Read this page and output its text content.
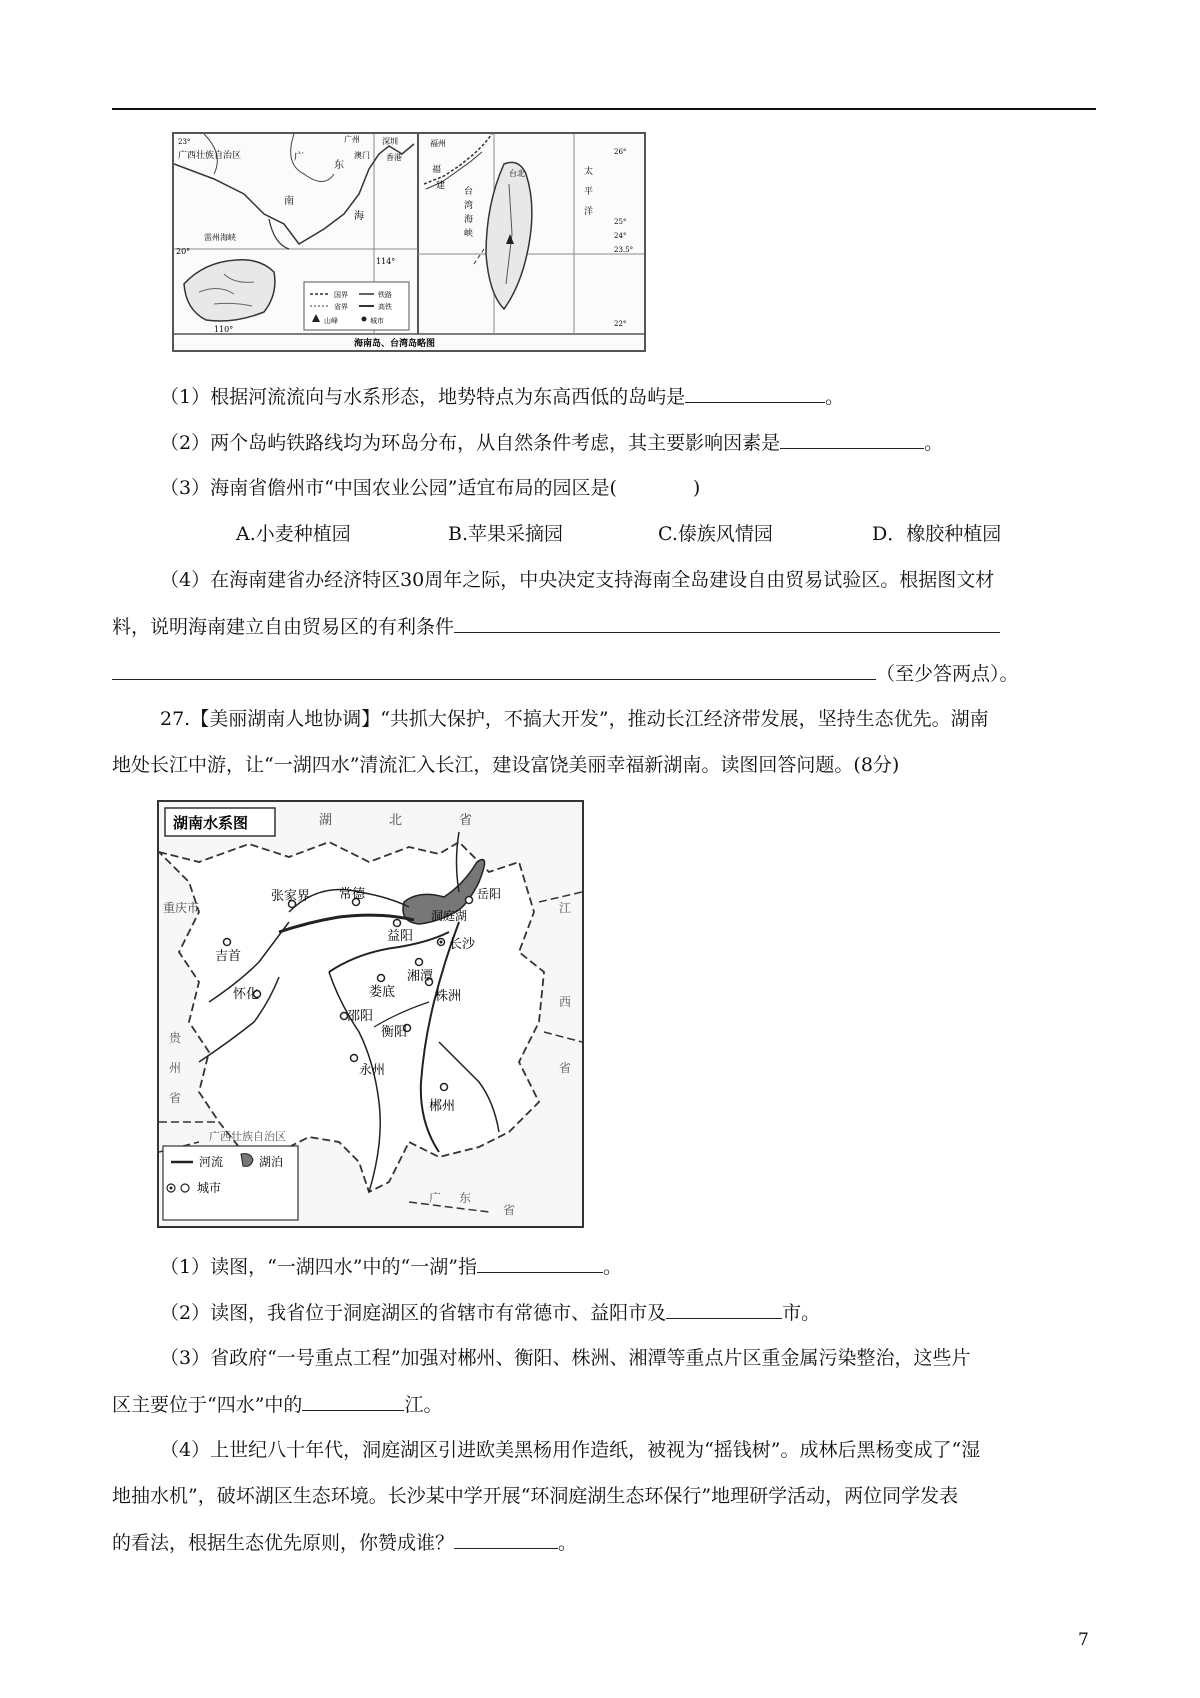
广西壮族自治区	广
东
广州	深圳
香港
澳门
雷州海峡
南
海
20°
23°
114°
110°
福州
福
建
台
湾
海
峡
台北	太
平
洋
26°
25°
24°
23.5°
22°
国界	铁路
省界	高铁
山峰	城市
海南岛、台湾岛略图
（1）根据河流流向与水系形态，地势特点为东高西低的岛屿是	。
（2）两个岛屿铁路线均为环岛分布，从自然条件考虑，其主要影响因素是	。
（3）海南省儋州市“中国农业公园”适宜布局的园区是(　　　　)
A.小麦种植园	B.苹果采摘园	C.傣族风情园	D．橡胶种植园
（4）在海南建省办经济特区30周年之际，中央决定支持海南全岛建设自由贸易试验区。根据图文材
料，说明海南建立自由贸易区的有利条件
（至少答两点）。
27.【美丽湖南人地协调】“共抓大保护，不搞大开发”，推动长江经济带发展，坚持生态优先。湖南
地处长江中游，让“一湖四水”清流汇入长江，建设富饶美丽幸福新湖南。读图回答问题。(8分)
湖南水系图	湖	北	省
重庆市
常德
张家界	岳阳
洞庭湖
益阳
长沙
吉首
湘潭
娄底	株洲
怀化
邵阳
衡阳
永州
郴州
广西壮族自治区
广 东
省
江
西
省
贵
州
省
河流	湖泊
城市
（1）读图，“一湖四水”中的“一湖”指	。
（2）读图，我省位于洞庭湖区的省辖市有常德市、益阳市及	市。
（3）省政府“一号重点工程”加强对郴州、衡阳、株洲、湘潭等重点片区重金属污染整治，这些片
区主要位于“四水”中的	江。
（4）上世纪八十年代，洞庭湖区引进欧美黑杨用作造纸，被视为“摇钱树”。成林后黑杨变成了“湿
地抽水机”，破坏湖区生态环境。长沙某中学开展“环洞庭湖生态环保行”地理研学活动，两位同学发表
的看法，根据生态优先原则，你赞成谁？	。
7
